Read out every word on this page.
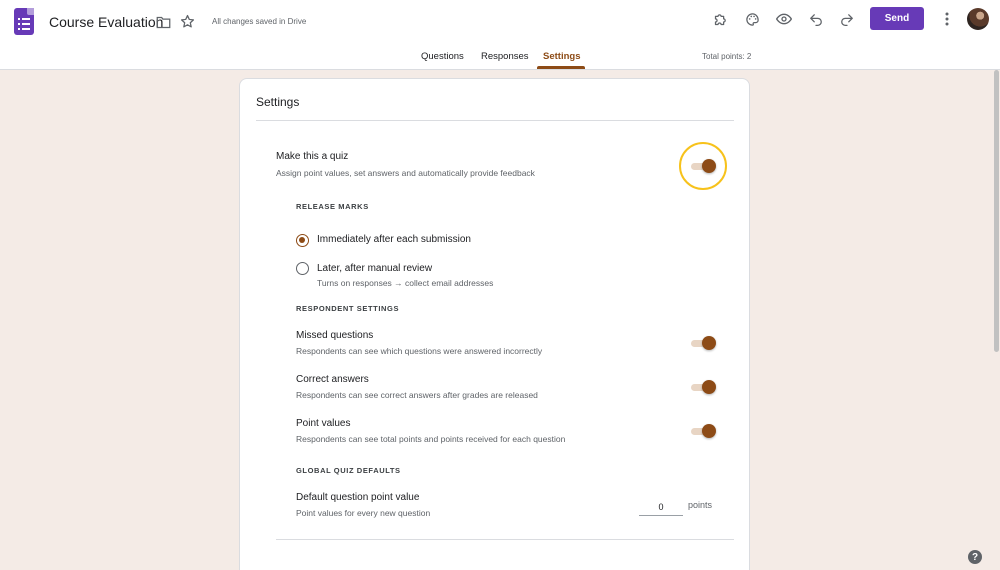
Course Evaluation	All changes saved in Drive	Send
Questions Responses Settings	Total points: 2
Settings
Make this a quiz
Assign point values, set answers and automatically provide feedback
RELEASE MARKS
Immediately after each submission
Later, after manual review
Turns on responses → collect email addresses
RESPONDENT SETTINGS
Missed questions
Respondents can see which questions were answered incorrectly
Correct answers
Respondents can see correct answers after grades are released
Point values
Respondents can see total points and points received for each question
GLOBAL QUIZ DEFAULTS
Default question point value
Point values for every new question
0
points
?
